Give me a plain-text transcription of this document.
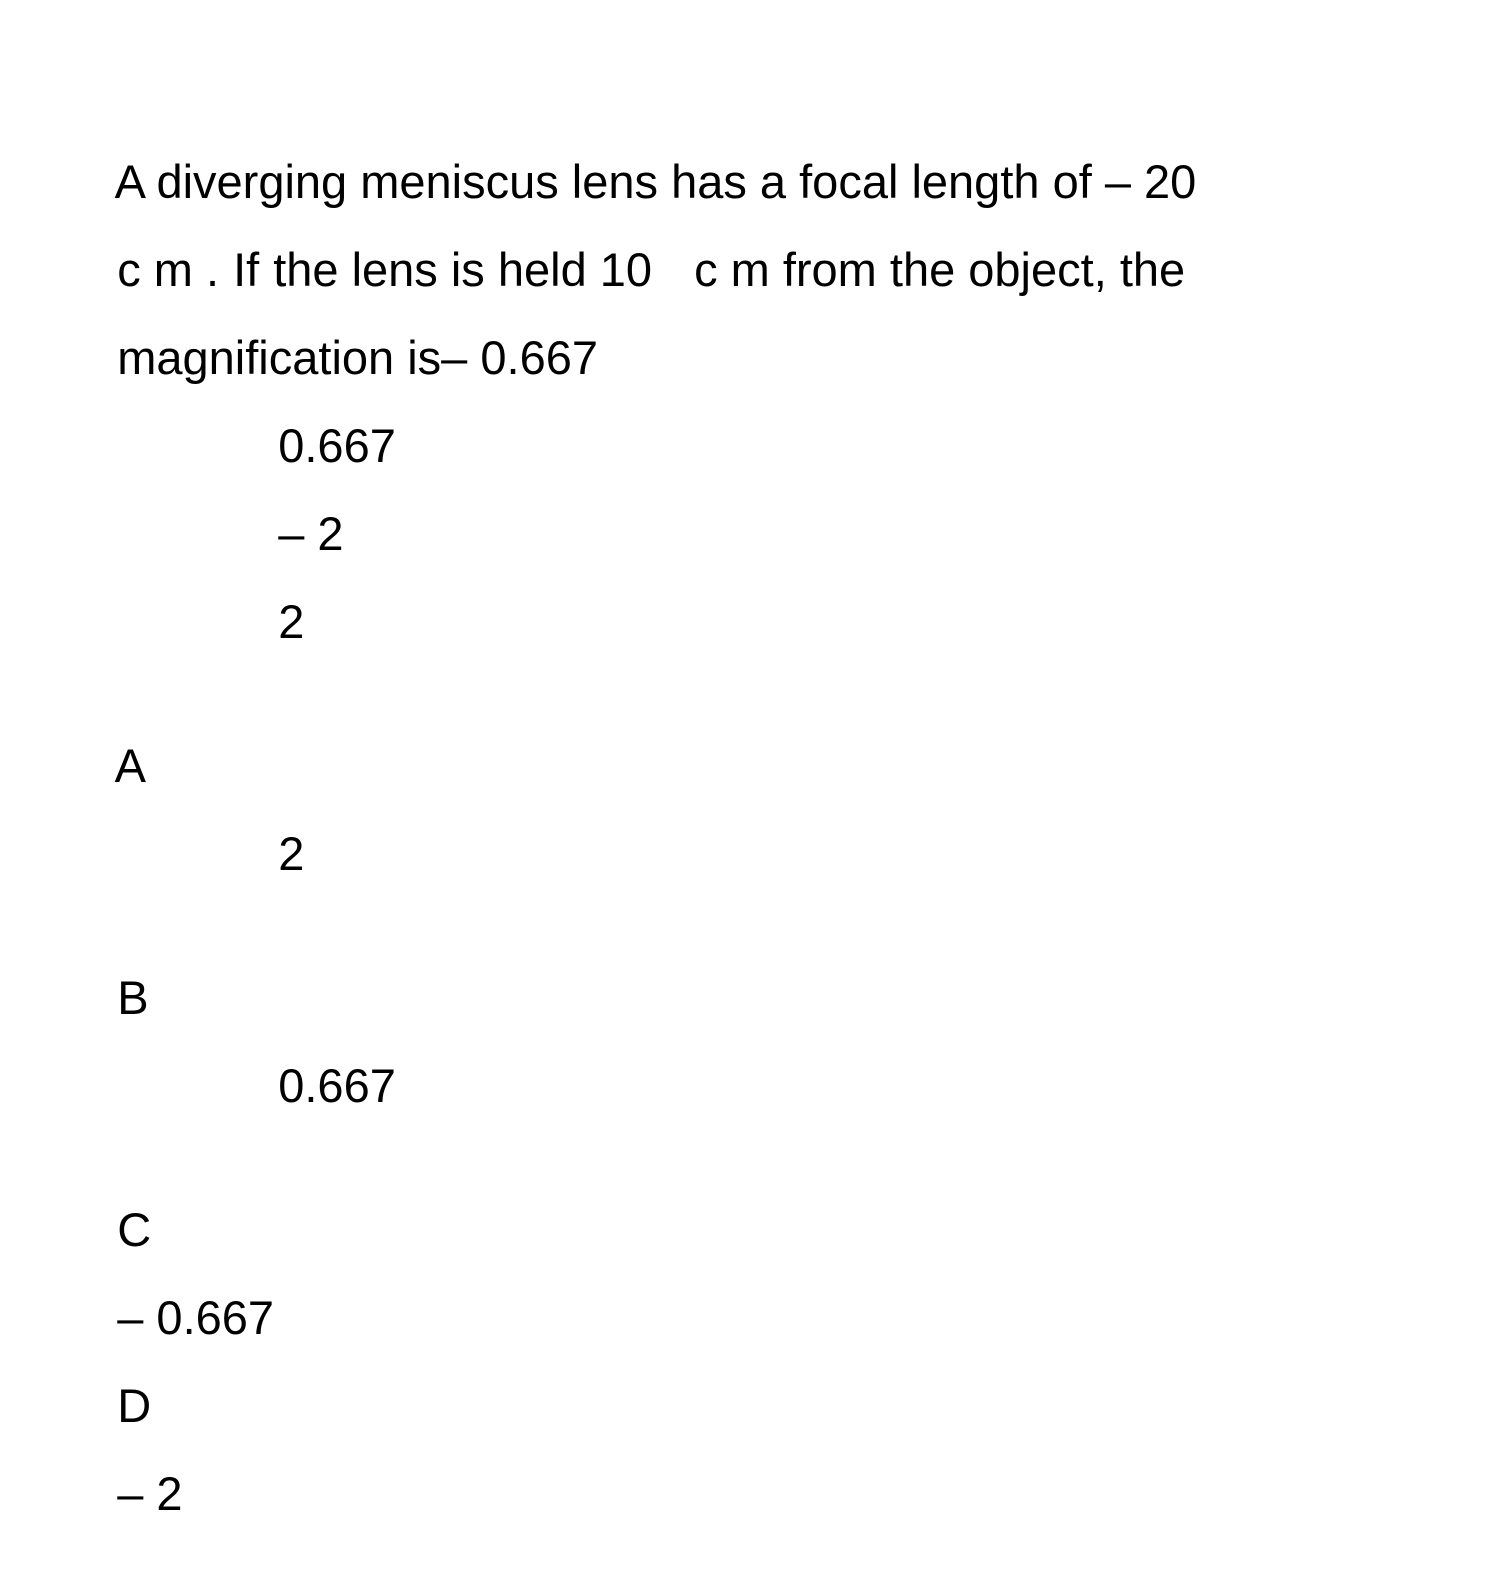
A diverging meniscus lens has a focal length of – 20

c m . If the lens is held 10 c m from the object, the

magnification is– 0.667

0.667

– 2

2

A

2

B

0.667

C

– 0.667

D

– 2
